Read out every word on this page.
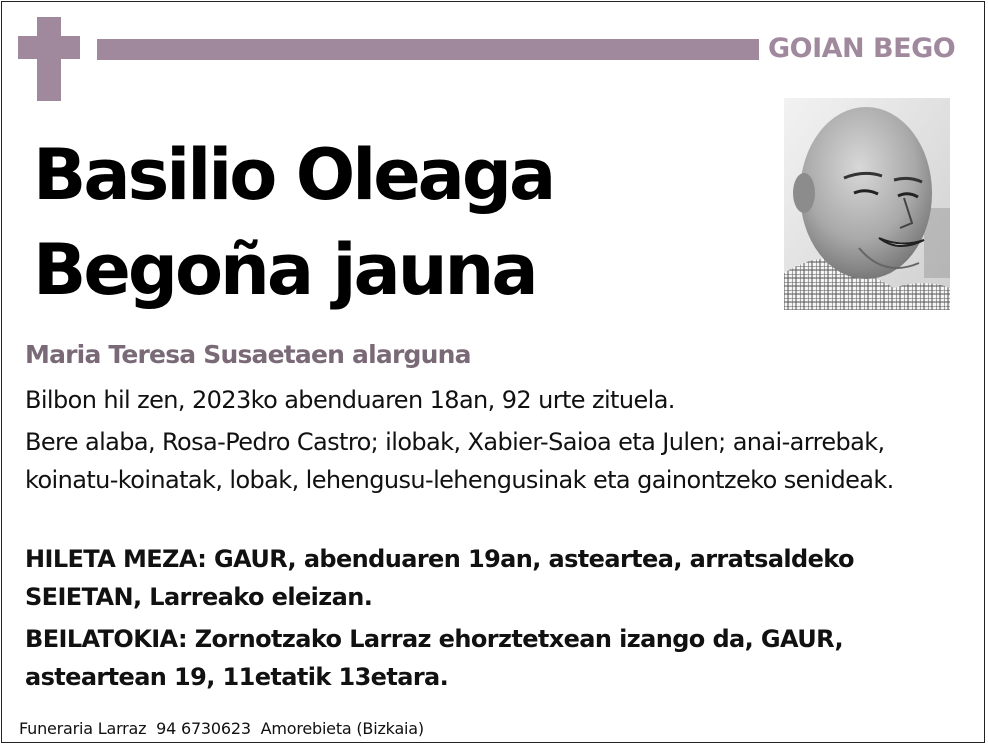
GOIAN BEGO
Basilio Oleaga
Begoña jauna
Maria Teresa Susaetaen alarguna
Bilbon hil zen, 2023ko abenduaren 18an, 92 urte zituela.
Bere alaba, Rosa-Pedro Castro; ilobak, Xabier-Saioa eta Julen; anai-arrebak, koinatu-koinatak, lobak, lehengusu-lehengusinak eta gainontzeko senideak.
HILETA MEZA: GAUR, abenduaren 19an, asteartea, arratsaldeko SEIETAN, Larreako eleizan.
BEILATOKIA: Zornotzako Larraz ehorztetxean izango da, GAUR, asteartean 19, 11etatik 13etara.
Funeraria Larraz  94 6730623  Amorebieta (Bizkaia)
